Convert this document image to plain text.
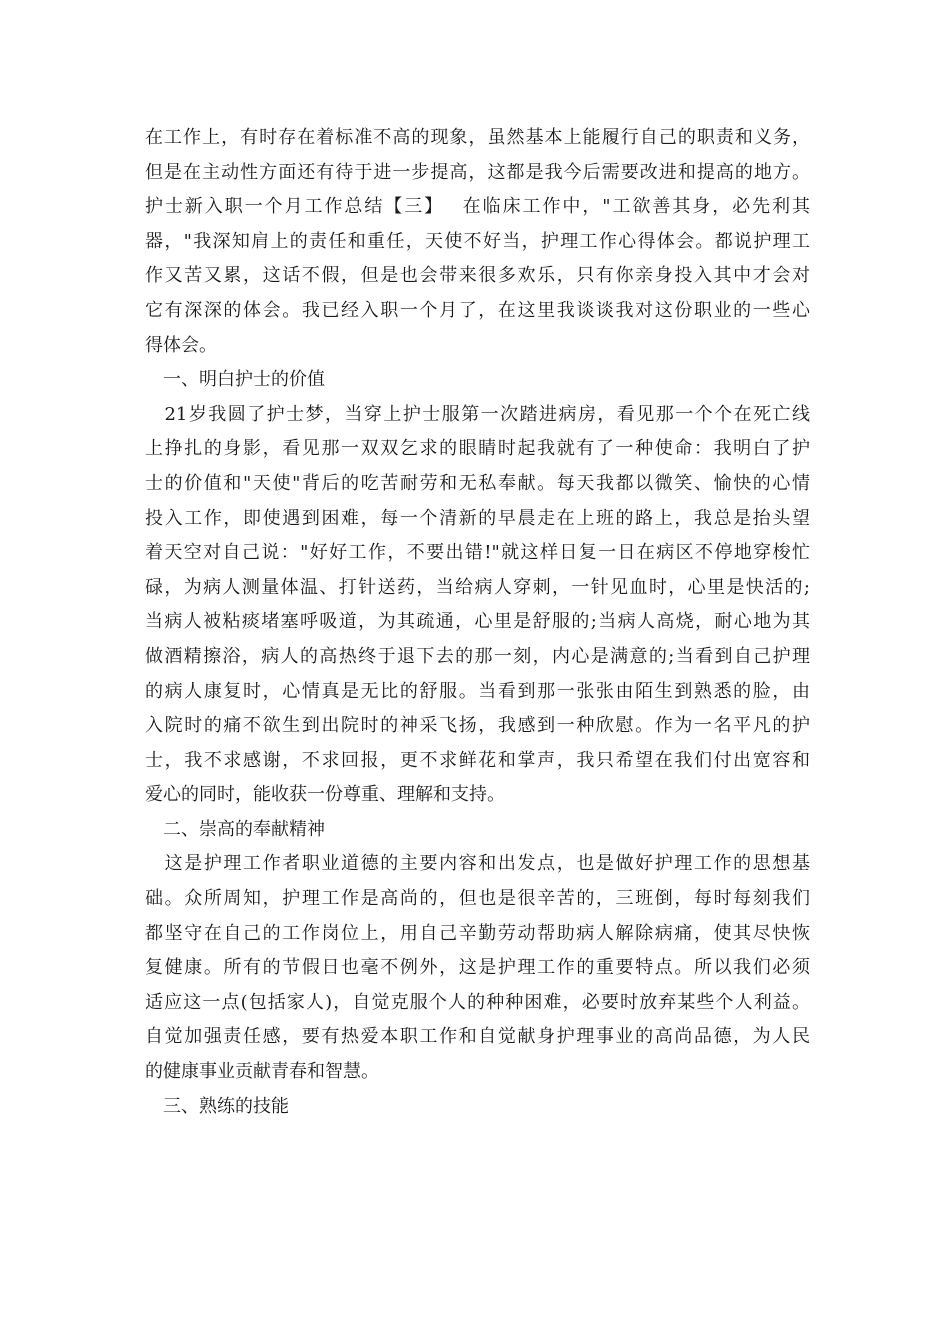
在工作上，有时存在着标准不高的现象，虽然基本上能履行自己的职责和义务，
但是在主动性方面还有待于进一步提高，这都是我今后需要改进和提高的地方。
护士新入职一个月工作总结【三】　 在临床工作中，"工欲善其身，必先利其
器，"我深知肩上的责任和重任，天使不好当，护理工作心得体会。都说护理工
作又苦又累，这话不假，但是也会带来很多欢乐，只有你亲身投入其中才会对
它有深深的体会。我已经入职一个月了，在这里我谈谈我对这份职业的一些心
得体会。
　一、明白护士的价值
　21岁我圆了护士梦，当穿上护士服第一次踏进病房，看见那一个个在死亡线
上挣扎的身影，看见那一双双乞求的眼睛时起我就有了一种使命：我明白了护
士的价值和"天使"背后的吃苦耐劳和无私奉献。每天我都以微笑、愉快的心情
投入工作，即使遇到困难，每一个清新的早晨走在上班的路上，我总是抬头望
着天空对自己说："好好工作，不要出错!"就这样日复一日在病区不停地穿梭忙
碌，为病人测量体温、打针送药，当给病人穿刺，一针见血时，心里是快活的;
当病人被粘痰堵塞呼吸道，为其疏通，心里是舒服的;当病人高烧，耐心地为其
做酒精擦浴，病人的高热终于退下去的那一刻，内心是满意的;当看到自己护理
的病人康复时，心情真是无比的舒服。当看到那一张张由陌生到熟悉的脸，由
入院时的痛不欲生到出院时的神采飞扬，我感到一种欣慰。作为一名平凡的护
士，我不求感谢，不求回报，更不求鲜花和掌声，我只希望在我们付出宽容和
爱心的同时，能收获一份尊重、理解和支持。
　二、崇高的奉献精神
　这是护理工作者职业道德的主要内容和出发点，也是做好护理工作的思想基
础。众所周知，护理工作是高尚的，但也是很辛苦的，三班倒，每时每刻我们
都坚守在自己的工作岗位上，用自己辛勤劳动帮助病人解除病痛，使其尽快恢
复健康。所有的节假日也毫不例外，这是护理工作的重要特点。所以我们必须
适应这一点(包括家人)，自觉克服个人的种种困难，必要时放弃某些个人利益。
自觉加强责任感，要有热爱本职工作和自觉献身护理事业的高尚品德，为人民
的健康事业贡献青春和智慧。
　三、熟练的技能
